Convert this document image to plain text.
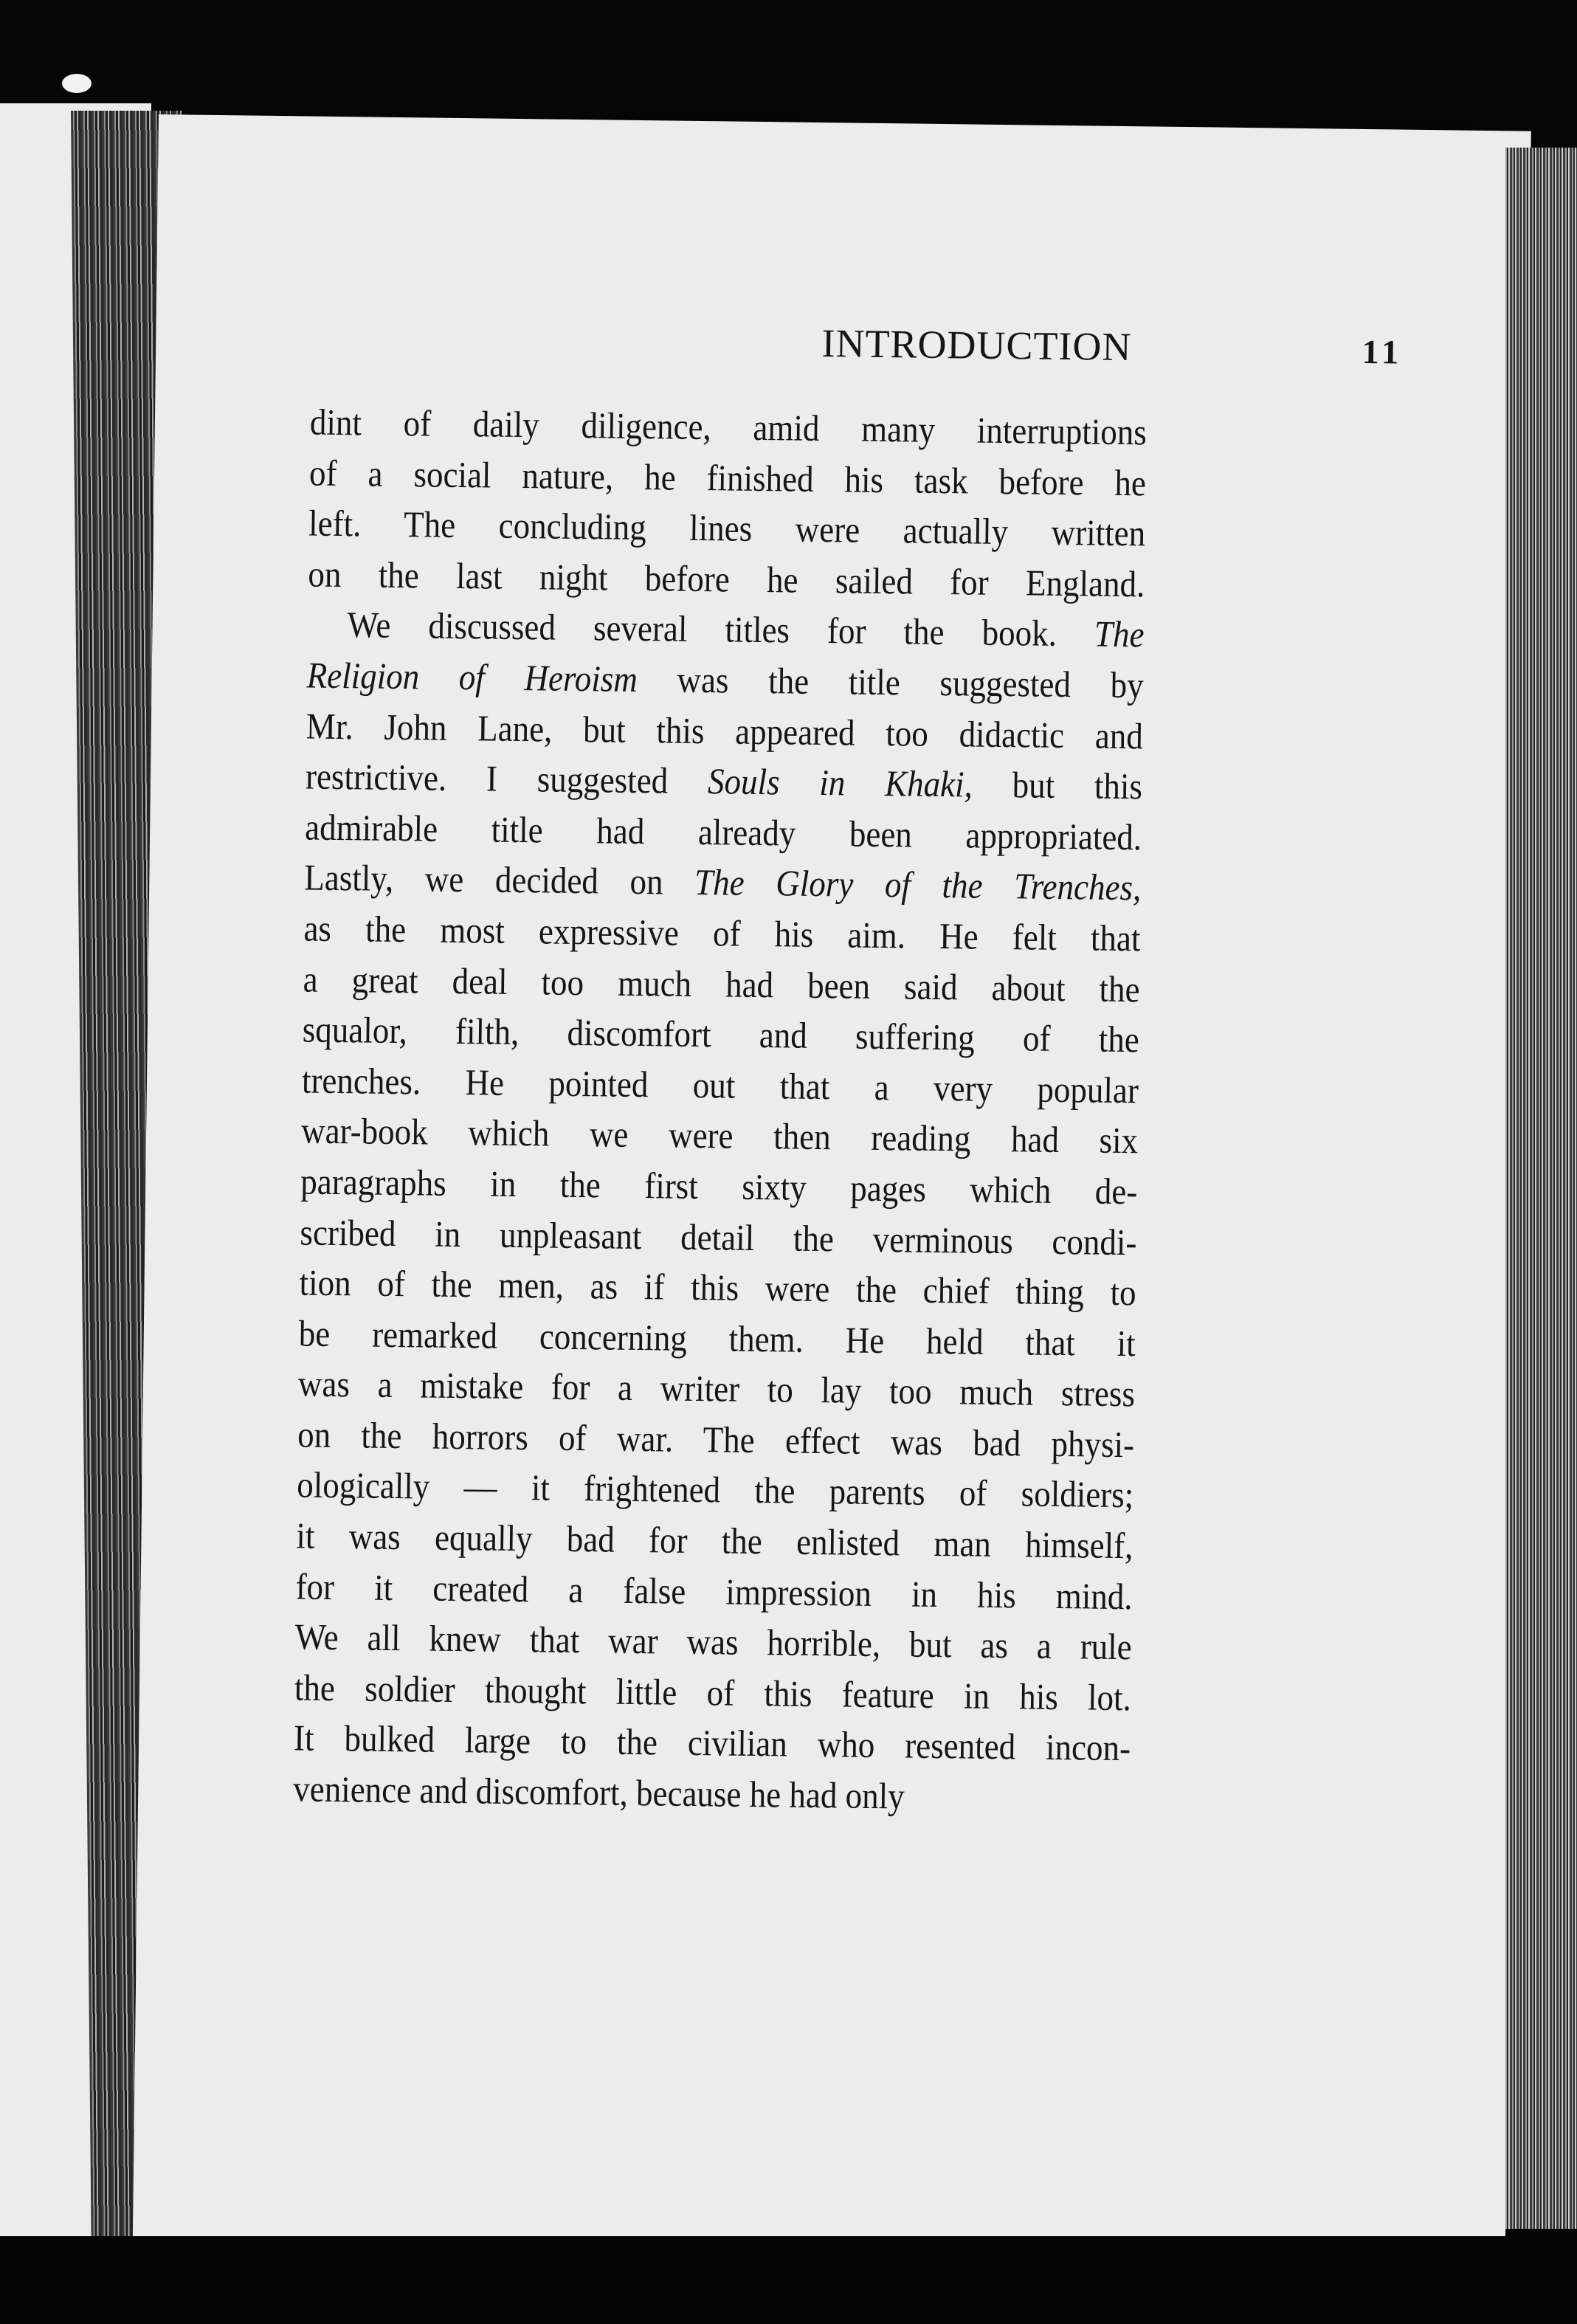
INTRODUCTION	11
dint of daily diligence, amid many interruptions
of a social nature, he finished his task before he
left. The concluding lines were actually written
on the last night before he sailed for England.
We discussed several titles for the book. The
Religion of Heroism was the title suggested by
Mr. John Lane, but this appeared too didactic and
restrictive. I suggested Souls in Khaki, but this
admirable title had already been appropriated.
Lastly, we decided on The Glory of the Trenches,
as the most expressive of his aim. He felt that
a great deal too much had been said about the
squalor, filth, discomfort and suffering of the
trenches. He pointed out that a very popular
war-book which we were then reading had six
paragraphs in the first sixty pages which de-
scribed in unpleasant detail the verminous condi-
tion of the men, as if this were the chief thing to
be remarked concerning them. He held that it
was a mistake for a writer to lay too much stress
on the horrors of war. The effect was bad physi-
ologically — it frightened the parents of soldiers;
it was equally bad for the enlisted man himself,
for it created a false impression in his mind.
We all knew that war was horrible, but as a rule
the soldier thought little of this feature in his lot.
It bulked large to the civilian who resented incon-
venience and discomfort, because he had only
